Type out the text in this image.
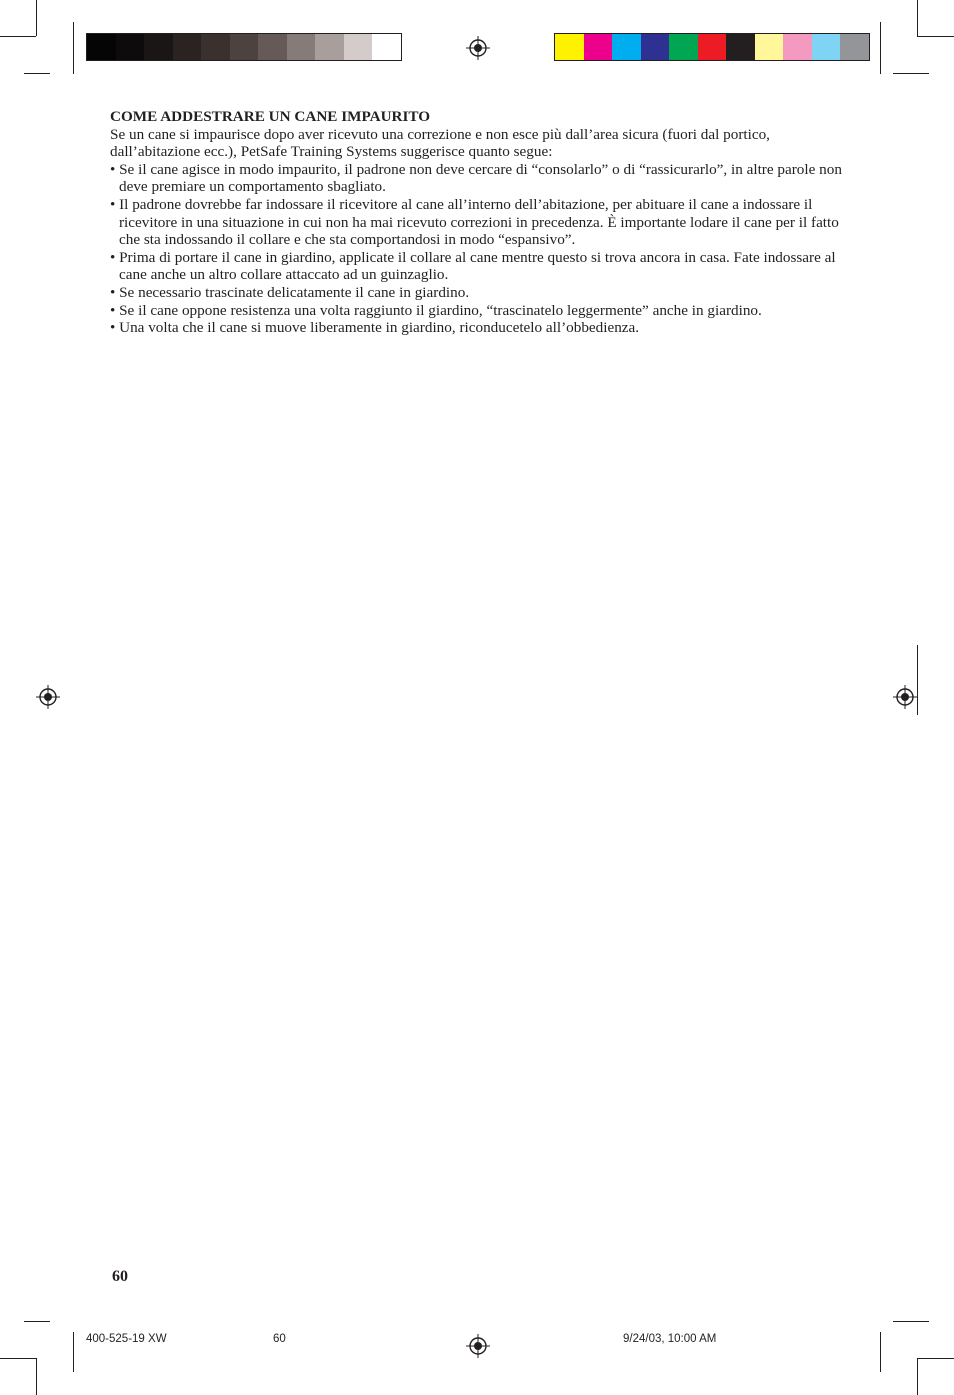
COME ADDESTRARE UN CANE IMPAURITO

Se un cane si impaurisce dopo aver ricevuto una correzione e non esce più dall’area sicura (fuori dal portico, dall’abitazione ecc.), PetSafe Training Systems suggerisce quanto segue:

• Se il cane agisce in modo impaurito, il padrone non deve cercare di “consolarlo” o di “rassicurarlo”, in altre parole non deve premiare un comportamento sbagliato.

• Il padrone dovrebbe far indossare il ricevitore al cane all’interno dell’abitazione, per abituare il cane a indossare il ricevitore in una situazione in cui non ha mai ricevuto correzioni in precedenza. È importante lodare il cane per il fatto che sta indossando il collare e che sta comportandosi in modo “espansivo”.

• Prima di portare il cane in giardino, applicate il collare al cane mentre questo si trova ancora in casa. Fate indossare al cane anche un altro collare attaccato ad un guinzaglio.

• Se necessario trascinate delicatamente il cane in giardino.

• Se il cane oppone resistenza una volta raggiunto il giardino, “trascinatelo leggermente” anche in giardino.

• Una volta che il cane si muove liberamente in giardino, riconducetelo all’obbedienza.

60
400-525-19 XW	60	9/24/03, 10:00 AM
